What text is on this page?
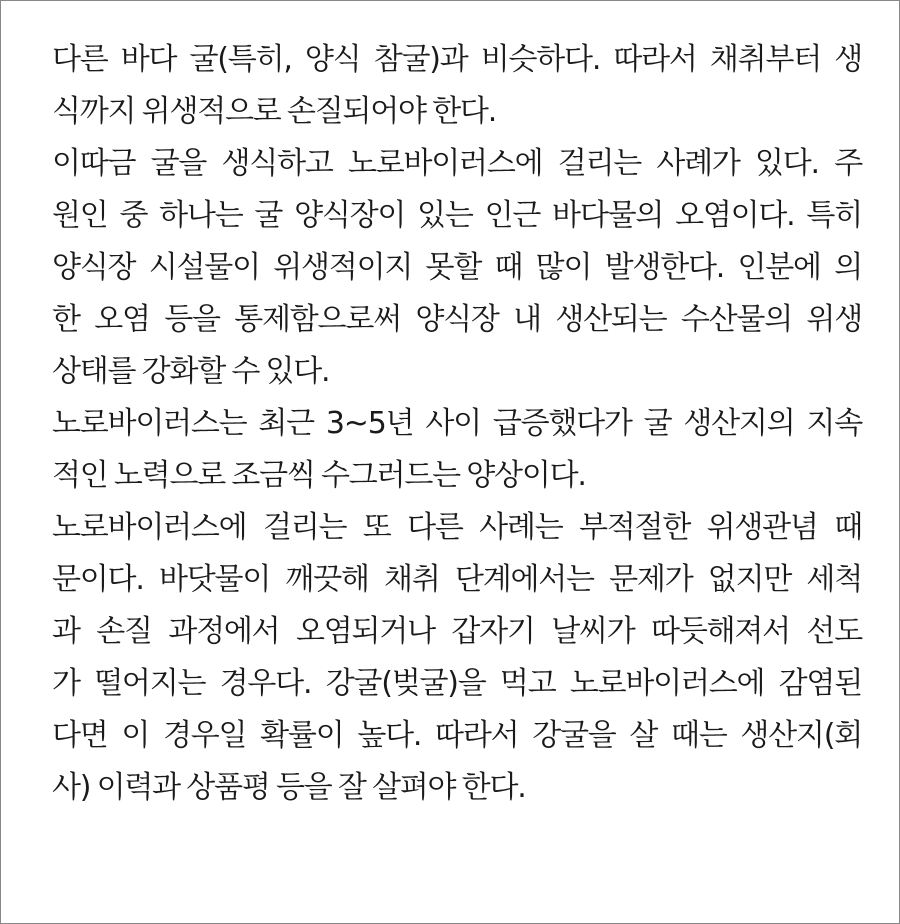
다른 바다 굴(특히, 양식 참굴)과 비슷하다. 따라서 채취부터 생
식까지 위생적으로 손질되어야 한다.
이따금 굴을 생식하고 노로바이러스에 걸리는 사례가 있다. 주
원인 중 하나는 굴 양식장이 있는 인근 바다물의 오염이다. 특히
양식장 시설물이 위생적이지 못할 때 많이 발생한다. 인분에 의
한 오염 등을 통제함으로써 양식장 내 생산되는 수산물의 위생
상태를 강화할 수 있다.
노로바이러스는 최근 3~5년 사이 급증했다가 굴 생산지의 지속
적인 노력으로 조금씩 수그러드는 양상이다.
노로바이러스에 걸리는 또 다른 사례는 부적절한 위생관념 때
문이다. 바닷물이 깨끗해 채취 단계에서는 문제가 없지만 세척
과 손질 과정에서 오염되거나 갑자기 날씨가 따듯해져서 선도
가 떨어지는 경우다. 강굴(벚굴)을 먹고 노로바이러스에 감염된
다면 이 경우일 확률이 높다. 따라서 강굴을 살 때는 생산지(회
사) 이력과 상품평 등을 잘 살펴야 한다.
